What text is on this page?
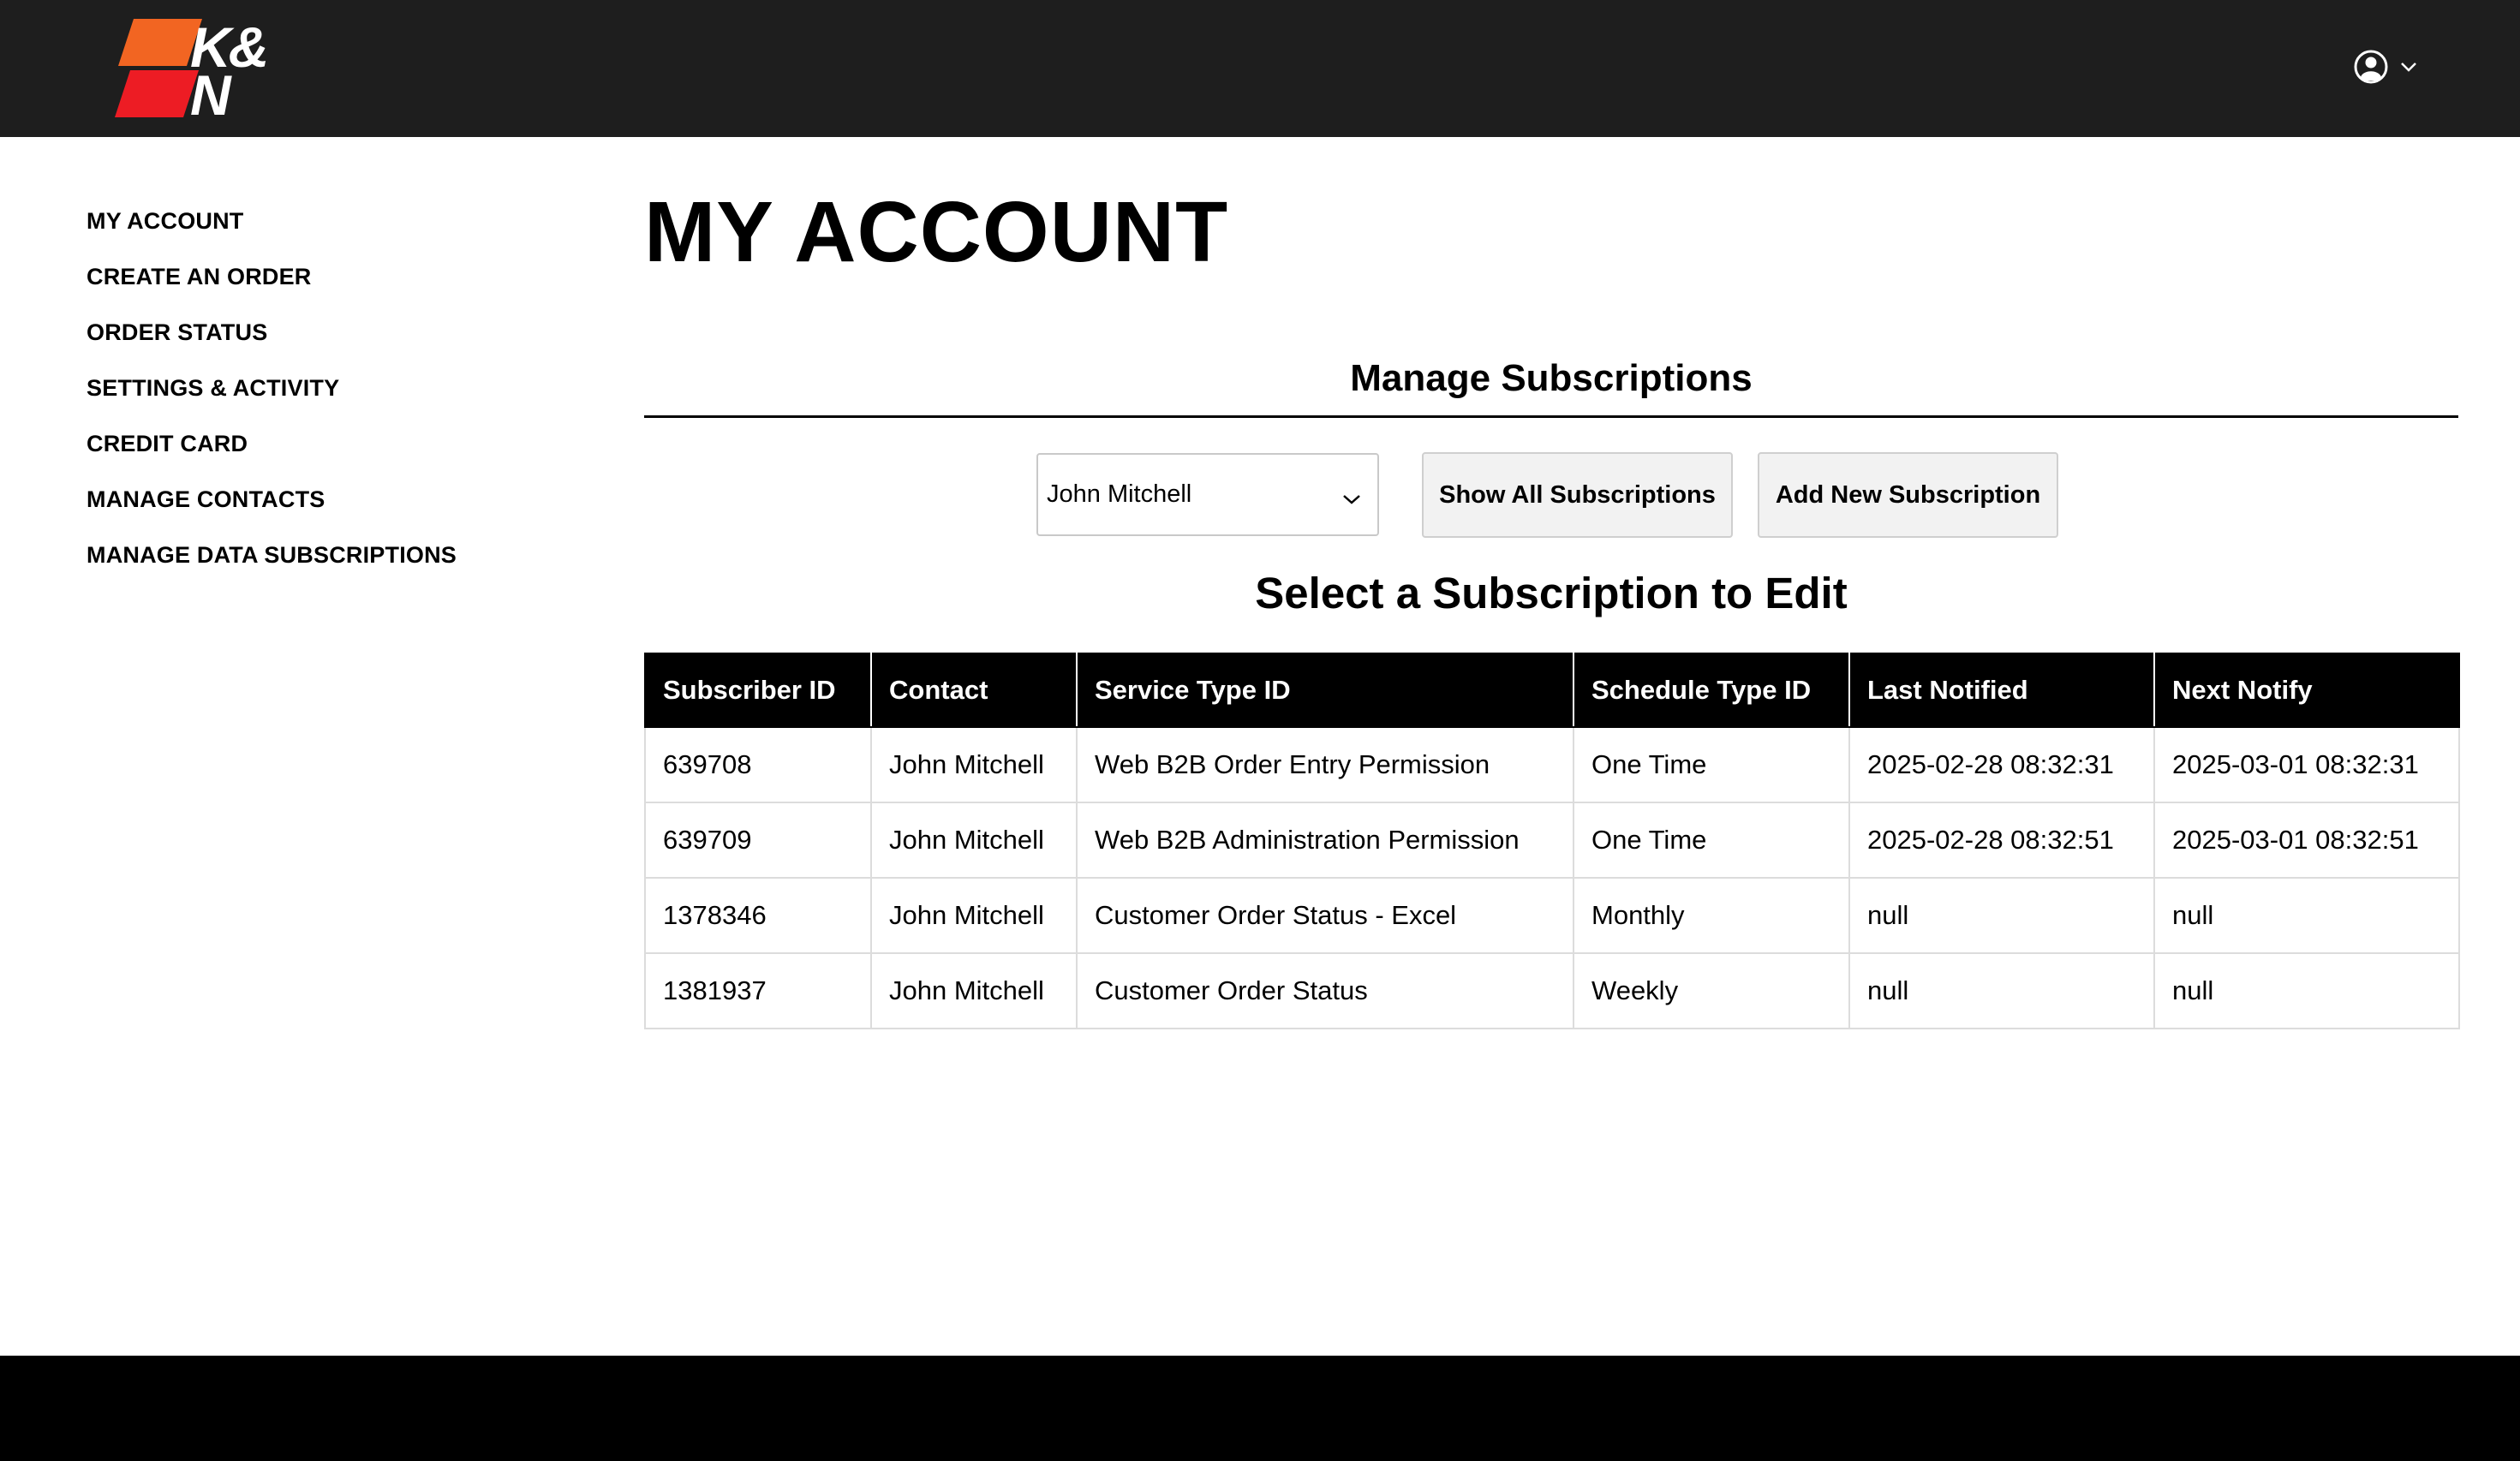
K&
N
MY ACCOUNT
CREATE AN ORDER
ORDER STATUS
SETTINGS & ACTIVITY
CREDIT CARD
MANAGE CONTACTS
MANAGE DATA SUBSCRIPTIONS
MY ACCOUNT
Manage Subscriptions
John Mitchell	Show All Subscriptions	Add New Subscription
Select a Subscription to Edit
Subscriber ID	Contact	Service Type ID	Schedule Type ID	Last Notified	Next Notify
639708	John Mitchell	Web B2B Order Entry Permission	One Time	2025-02-28 08:32:31	2025-03-01 08:32:31
639709	John Mitchell	Web B2B Administration Permission	One Time	2025-02-28 08:32:51	2025-03-01 08:32:51
1378346	John Mitchell	Customer Order Status - Excel	Monthly	null	null
1381937	John Mitchell	Customer Order Status	Weekly	null	null
